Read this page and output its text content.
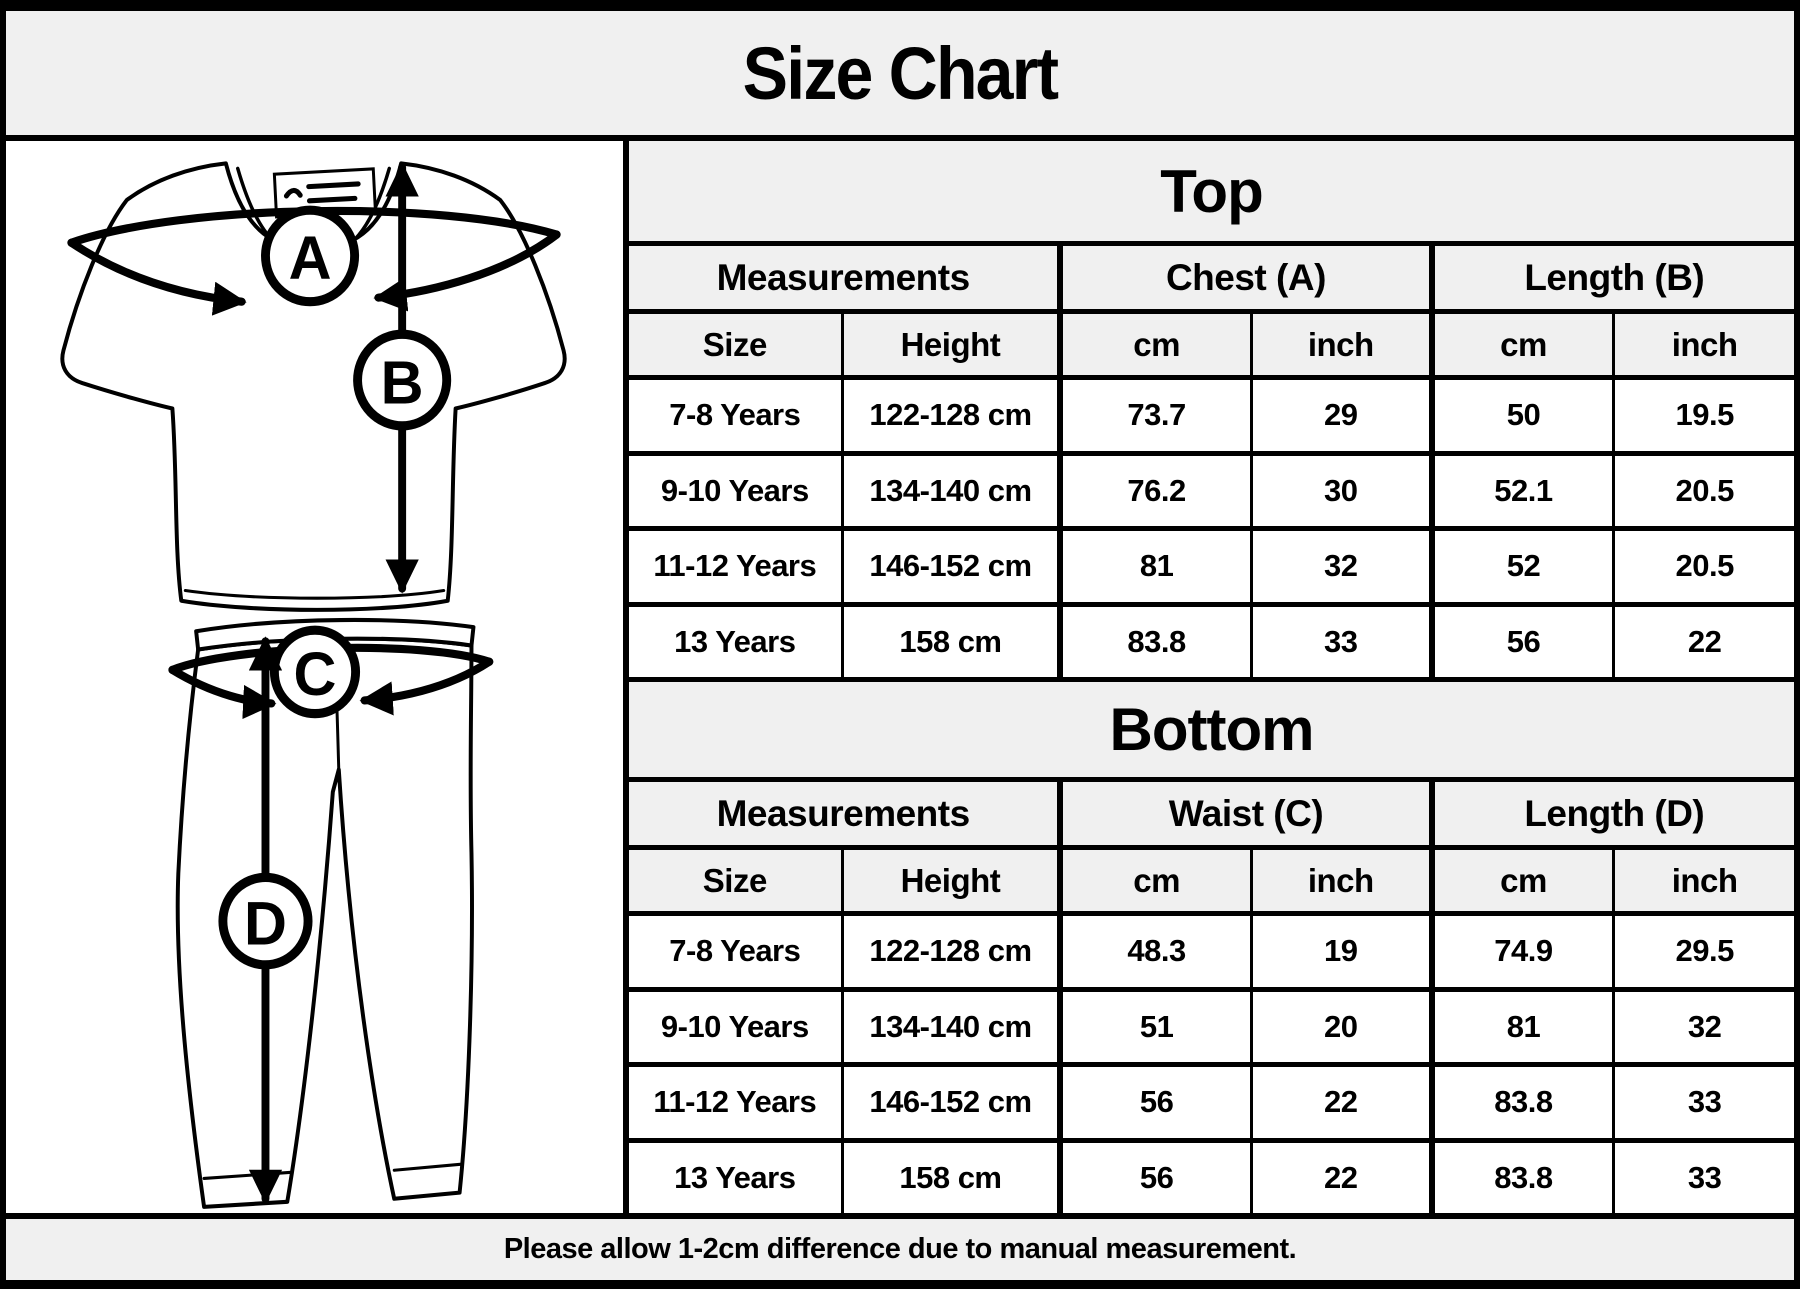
Size Chart
A
B
C
D
Top
Measurements	Chest (A)	Length (B)
Size	Height	cm	inch	cm	inch
7-8 Years	122-128 cm	73.7	29	50	19.5
9-10 Years	134-140 cm	76.2	30	52.1	20.5
11-12 Years	146-152 cm	81	32	52	20.5
13 Years	158 cm	83.8	33	56	22
Bottom
Measurements	Waist (C)	Length (D)
Size	Height	cm	inch	cm	inch
7-8 Years	122-128 cm	48.3	19	74.9	29.5
9-10 Years	134-140 cm	51	20	81	32
11-12 Years	146-152 cm	56	22	83.8	33
13 Years	158 cm	56	22	83.8	33
Please allow 1-2cm difference due to manual measurement.
